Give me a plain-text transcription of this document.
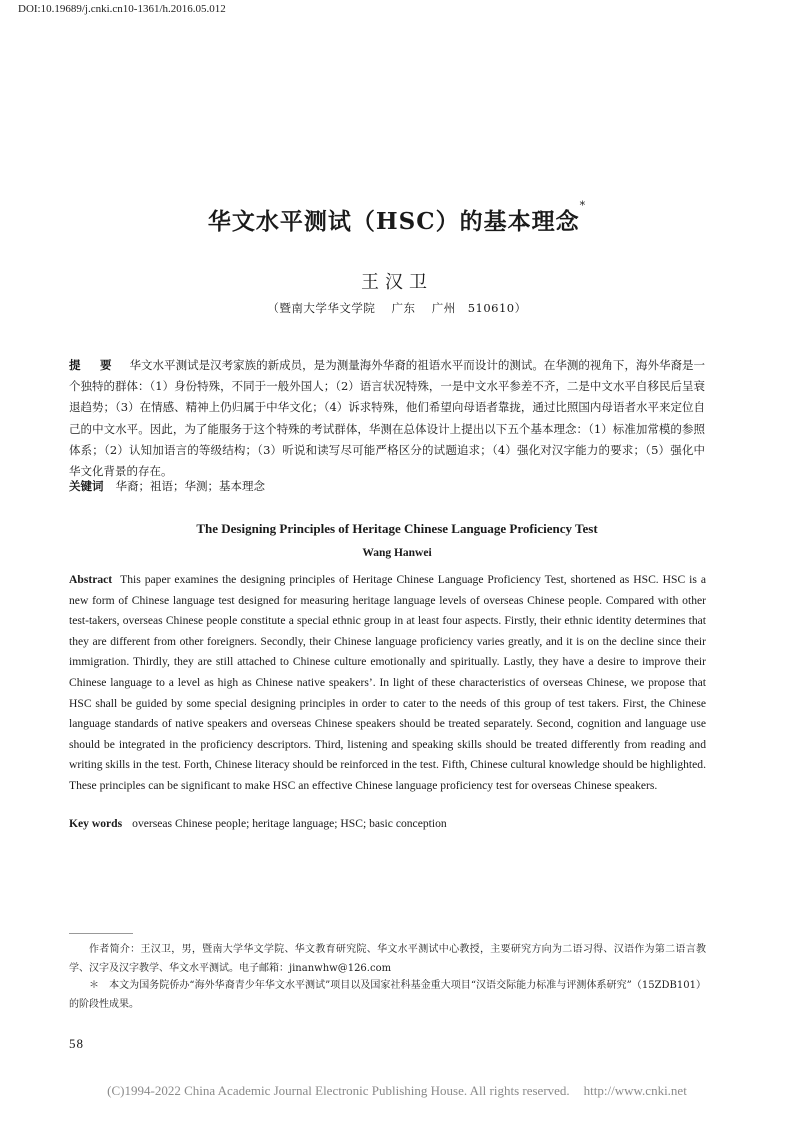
DOI:10.19689/j.cnki.cn10-1361/h.2016.05.012
华文水平测试（HSC）的基本理念*
王汉卫
（暨南大学华文学院　 广东　 广州　510610）
提　要 华文水平测试是汉考家族的新成员，是为测量海外华裔的祖语水平而设计的测试。在华测的视角下，海外华裔是一个独特的群体：（1）身份特殊，不同于一般外国人；（2）语言状况特殊，一是中文水平参差不齐，二是中文水平自移民后呈衰退趋势；（3）在情感、精神上仍归属于中华文化；（4）诉求特殊，他们希望向母语者靠拢，通过比照国内母语者水平来定位自己的中文水平。因此，为了能服务于这个特殊的考试群体，华测在总体设计上提出以下五个基本理念：（1）标准加常模的参照体系；（2）认知加语言的等级结构；（3）听说和读写尽可能严格区分的试题追求；（4）强化对汉字能力的要求；（5）强化中华文化背景的存在。
关键词 华裔；祖语；华测；基本理念
The Designing Principles of Heritage Chinese Language Proficiency Test
Wang Hanwei
Abstract This paper examines the designing principles of Heritage Chinese Language Proficiency Test, shortened as HSC. HSC is a new form of Chinese language test designed for measuring heritage language levels of overseas Chinese people. Compared with other test-takers, overseas Chinese people constitute a special ethnic group in at least four aspects. Firstly, their ethnic identity determines that they are different from other foreigners. Secondly, their Chinese language proficiency varies greatly, and it is on the decline since their immigration. Thirdly, they are still attached to Chinese culture emotionally and spiritually. Lastly, they have a desire to improve their Chinese language to a level as high as Chinese native speakers’. In light of these characteristics of overseas Chinese, we propose that HSC shall be guided by some special designing principles in order to cater to the needs of this group of test takers. First, the Chinese language standards of native speakers and overseas Chinese speakers should be treated separately. Second, cognition and language use should be integrated in the proficiency descriptors. Third, listening and speaking skills should be treated differently from reading and writing skills in the test. Forth, Chinese literacy should be reinforced in the test. Fifth, Chinese cultural knowledge should be highlighted. These principles can be significant to make HSC an effective Chinese language proficiency test for overseas Chinese speakers.
Key words overseas Chinese people; heritage language; HSC; basic conception
作者简介：王汉卫，男，暨南大学华文学院、华文教育研究院、华文水平测试中心教授，主要研究方向为二语习得、汉语作为第二语言教学、汉字及汉字教学、华文水平测试。电子邮箱：jinanwhw@126.com
＊　本文为国务院侨办“海外华裔青少年华文水平测试”项目以及国家社科基金重大项目“汉语交际能力标准与评测体系研究”（15ZDB101）的阶段性成果。
58
(C)1994-2022 China Academic Journal Electronic Publishing House. All rights reserved. http://www.cnki.net
